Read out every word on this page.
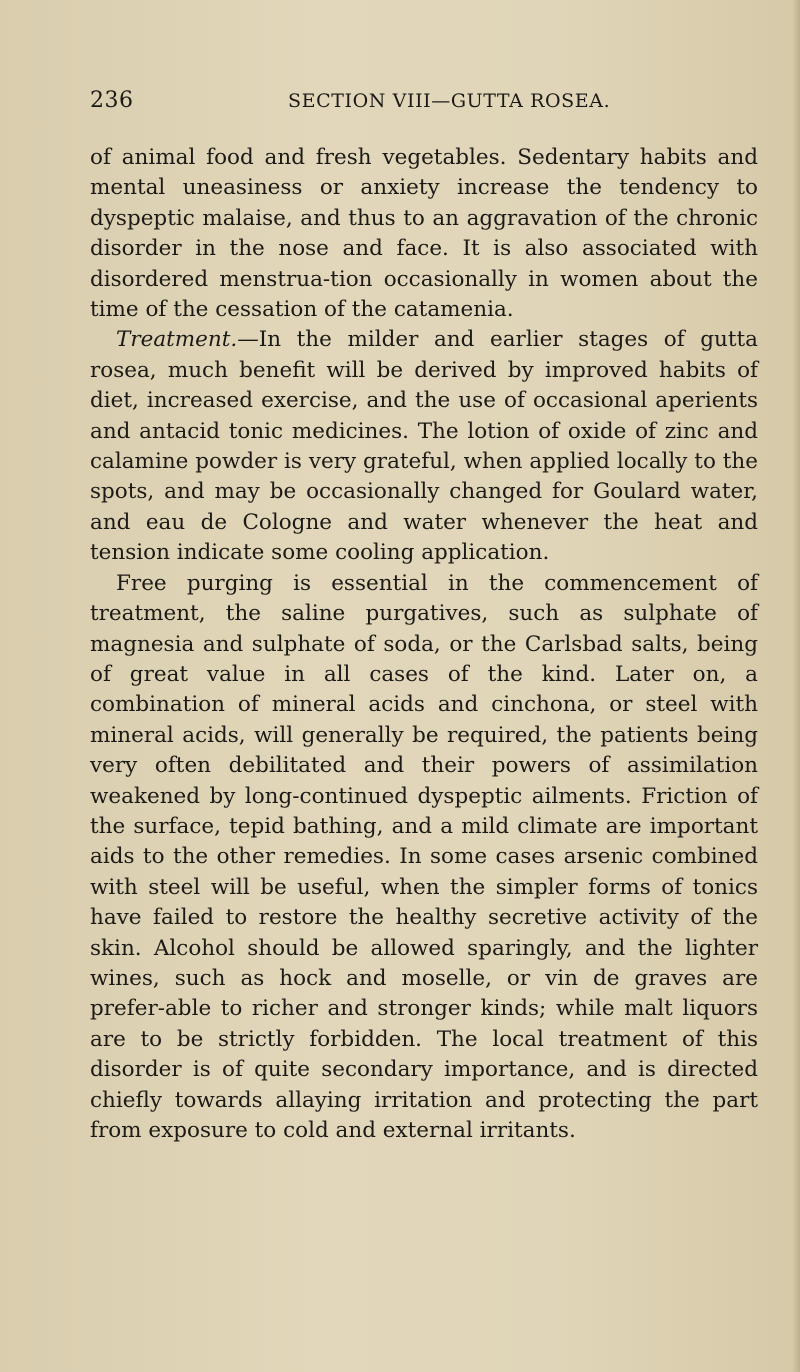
236	SECTION VIII—GUTTA ROSEA.

of animal food and fresh vegetables. Sedentary habits and mental uneasiness or anxiety increase the tendency to dyspeptic malaise, and thus to an aggravation of the chronic disorder in the nose and face. It is also associated with disordered menstrua-tion occasionally in women about the time of the cessation of the catamenia.

Treatment.—In the milder and earlier stages of gutta rosea, much benefit will be derived by improved habits of diet, increased exercise, and the use of occasional aperients and antacid tonic medicines. The lotion of oxide of zinc and calamine powder is very grateful, when applied locally to the spots, and may be occasionally changed for Goulard water, and eau de Cologne and water whenever the heat and tension indicate some cooling application.

Free purging is essential in the commencement of treatment, the saline purgatives, such as sulphate of magnesia and sulphate of soda, or the Carlsbad salts, being of great value in all cases of the kind. Later on, a combination of mineral acids and cinchona, or steel with mineral acids, will generally be required, the patients being very often debilitated and their powers of assimilation weakened by long-continued dyspeptic ailments. Friction of the surface, tepid bathing, and a mild climate are important aids to the other remedies. In some cases arsenic combined with steel will be useful, when the simpler forms of tonics have failed to restore the healthy secretive activity of the skin. Alcohol should be allowed sparingly, and the lighter wines, such as hock and moselle, or vin de graves are prefer-able to richer and stronger kinds; while malt liquors are to be strictly forbidden. The local treatment of this disorder is of quite secondary importance, and is directed chiefly towards allaying irritation and protecting the part from exposure to cold and external irritants.
